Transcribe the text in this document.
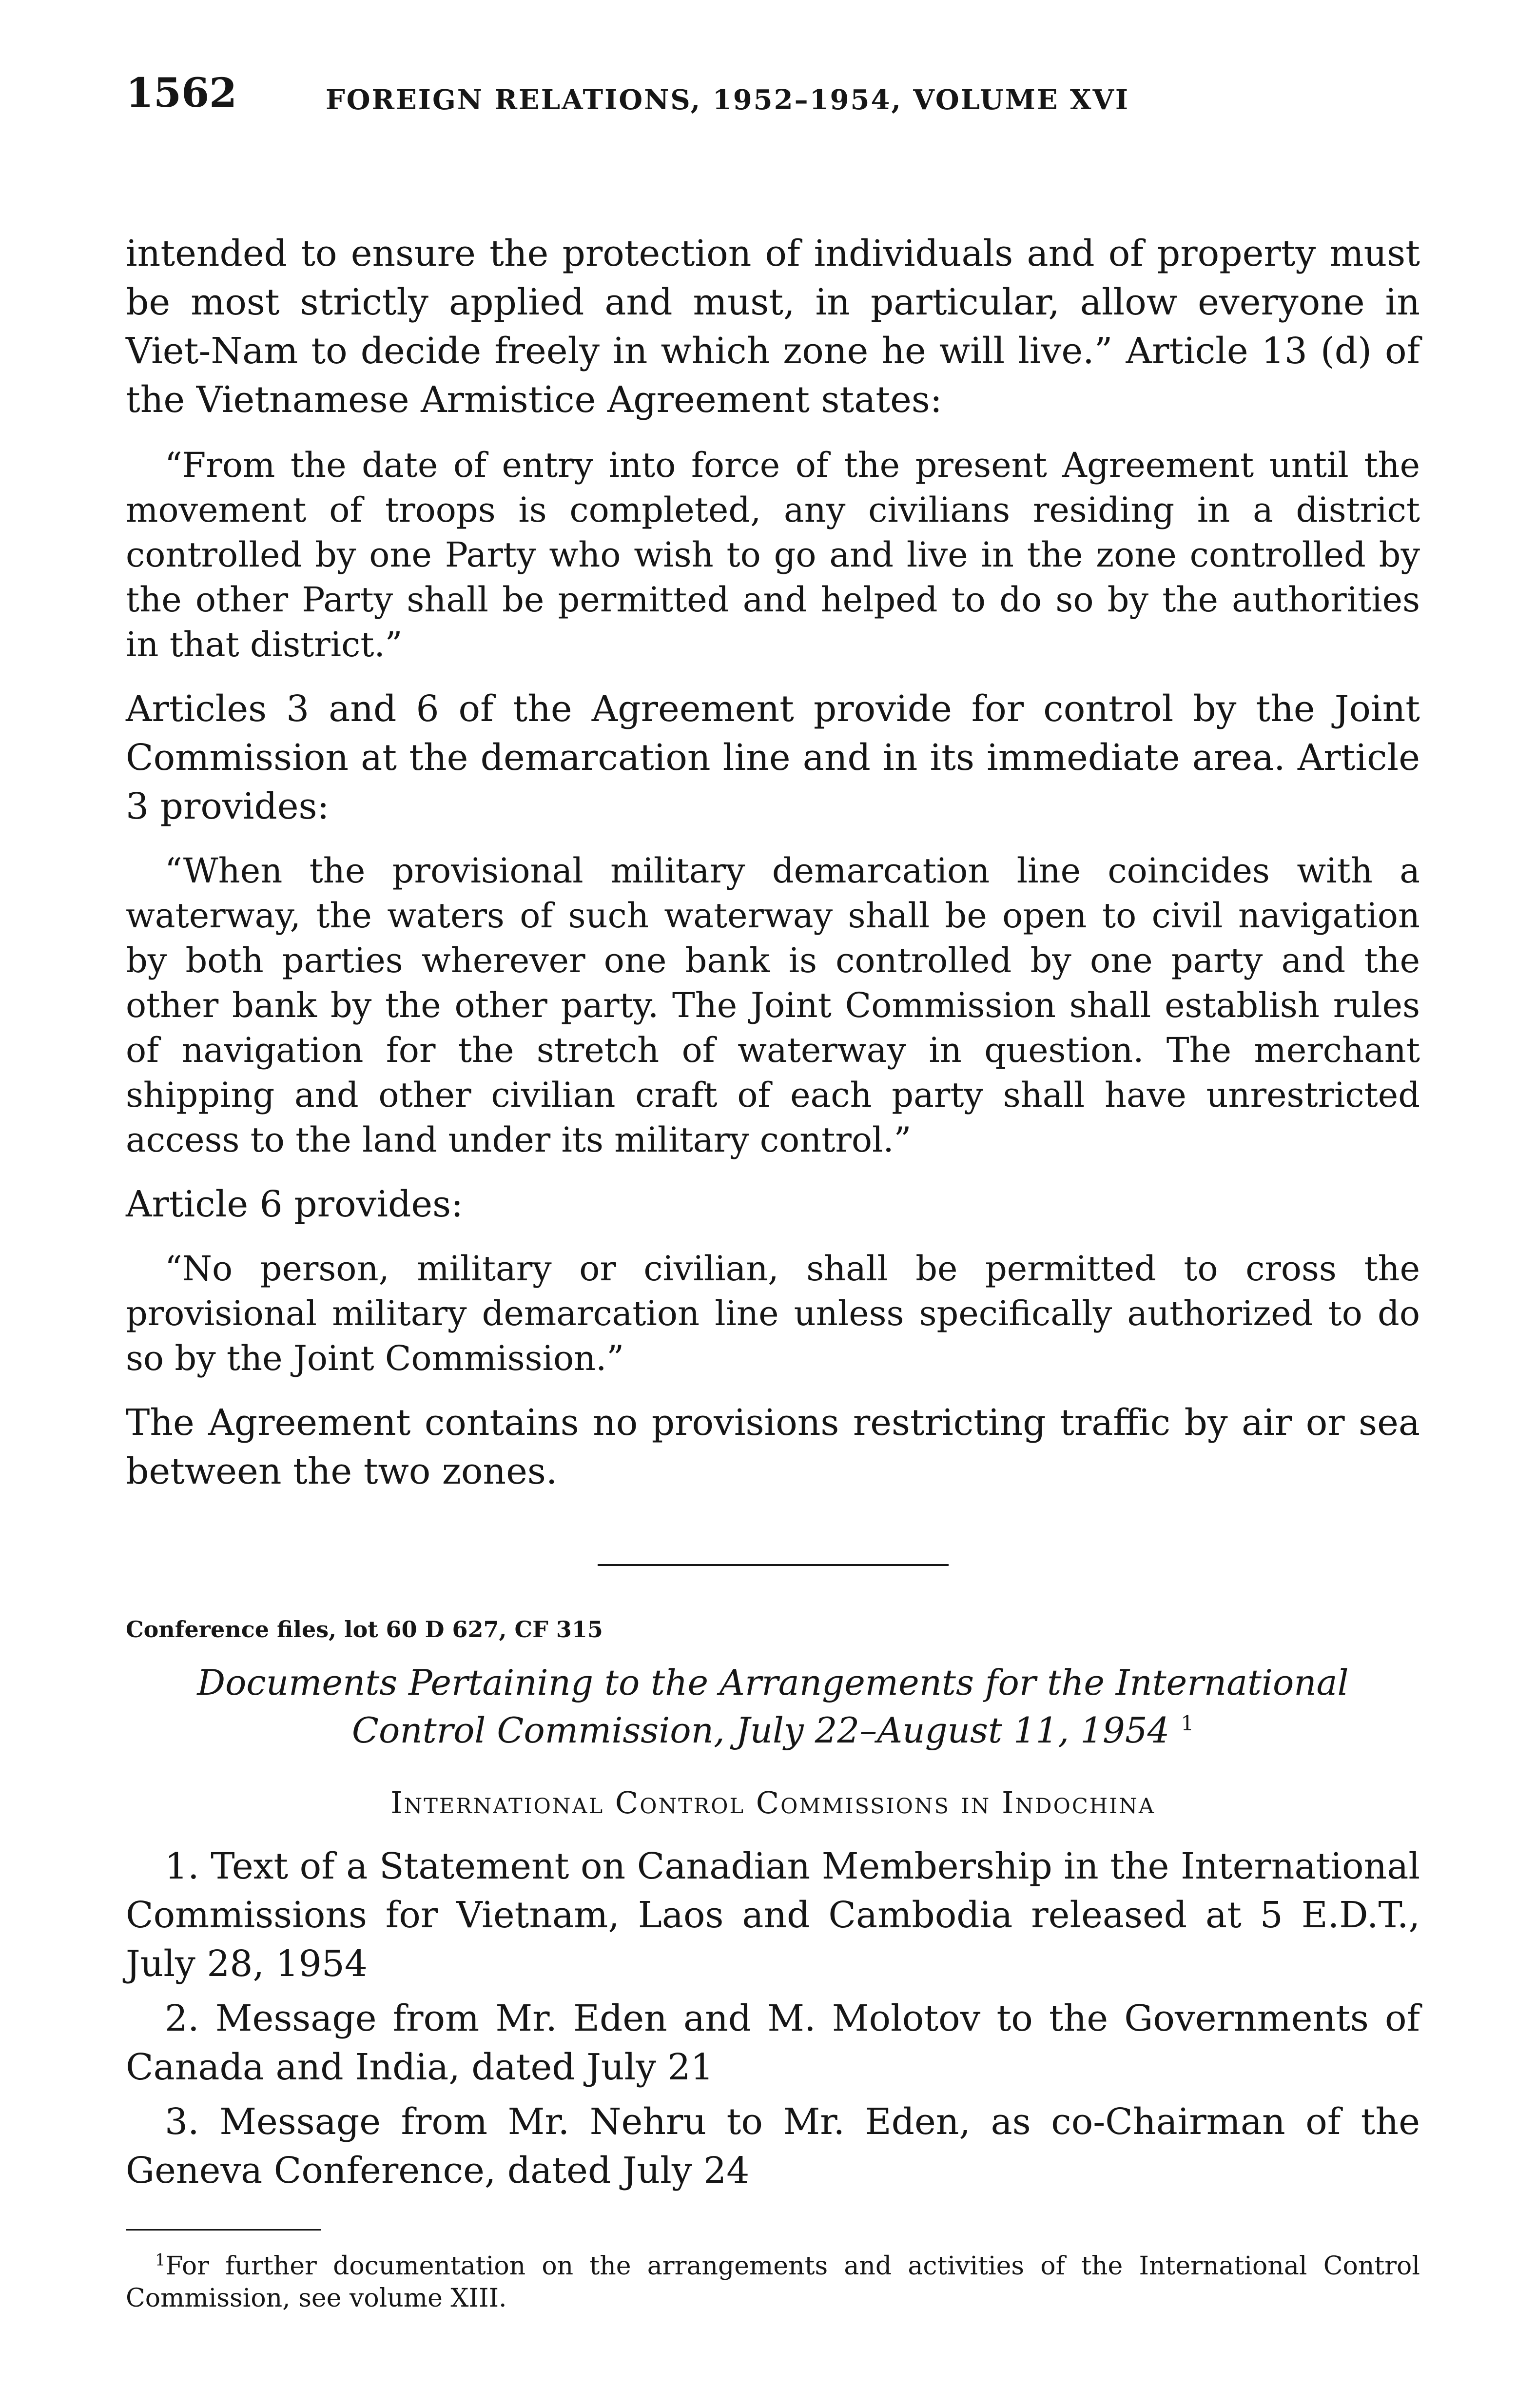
1562	FOREIGN RELATIONS, 1952–1954, VOLUME XVI

intended to ensure the protection of individuals and of property must be most strictly applied and must, in particular, allow everyone in Viet-Nam to decide freely in which zone he will live.” Article 13 (d) of the Vietnamese Armistice Agreement states:

“From the date of entry into force of the present Agreement until the movement of troops is completed, any civilians residing in a district controlled by one Party who wish to go and live in the zone controlled by the other Party shall be permitted and helped to do so by the authorities in that district.”

Articles 3 and 6 of the Agreement provide for control by the Joint Commission at the demarcation line and in its immediate area. Article 3 provides:

“When the provisional military demarcation line coincides with a waterway, the waters of such waterway shall be open to civil navigation by both parties wherever one bank is controlled by one party and the other bank by the other party. The Joint Commission shall establish rules of navigation for the stretch of waterway in question. The merchant shipping and other civilian craft of each party shall have unrestricted access to the land under its military control.”

Article 6 provides:

“No person, military or civilian, shall be permitted to cross the provisional military demarcation line unless specifically authorized to do so by the Joint Commission.”

The Agreement contains no provisions restricting traffic by air or sea between the two zones.

Conference files, lot 60 D 627, CF 315

Documents Pertaining to the Arrangements for the International
Control Commission, July 22–August 11, 1954 $^1$

International Control Commissions in Indochina

1. Text of a Statement on Canadian Membership in the International Commissions for Vietnam, Laos and Cambodia released at 5 E.D.T., July 28, 1954

2. Message from Mr. Eden and M. Molotov to the Governments of Canada and India, dated July 21

3. Message from Mr. Nehru to Mr. Eden, as co-Chairman of the Geneva Conference, dated July 24

$^1$For further documentation on the arrangements and activities of the International Control Commission, see volume XIII.
